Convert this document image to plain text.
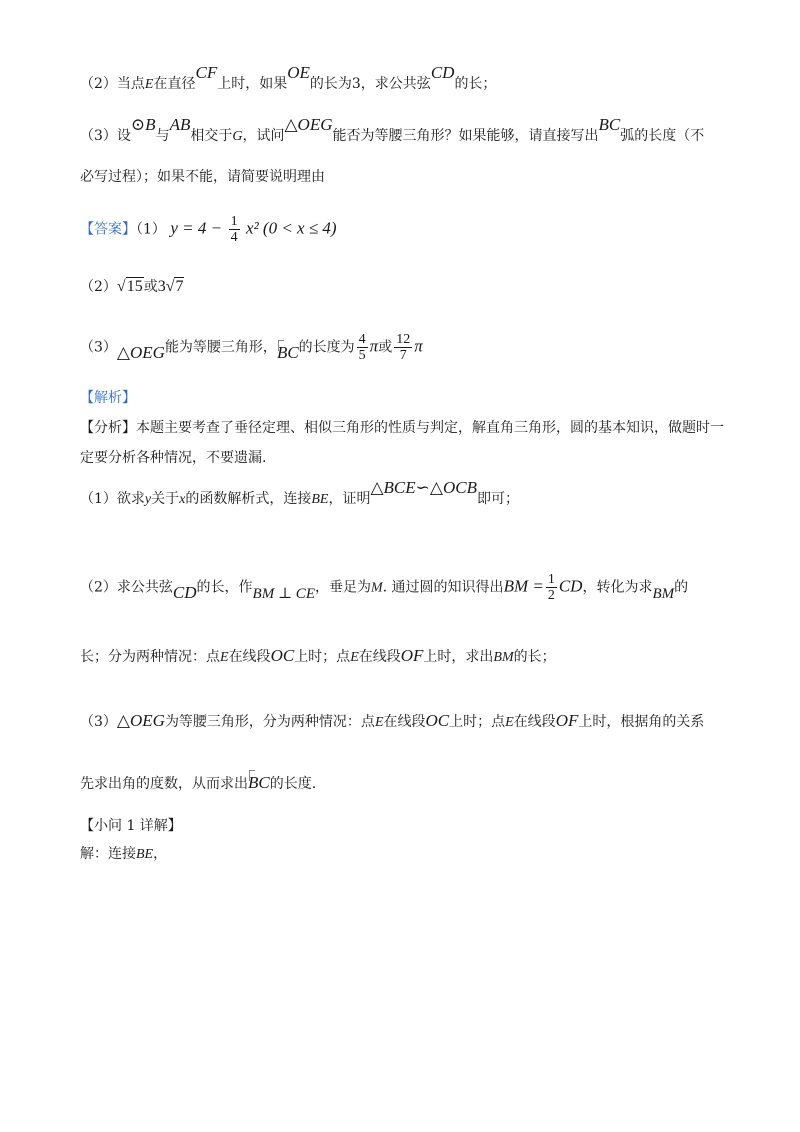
（2）当点E在直径CF上时，如果OE的长为3，求公共弦CD的长；
（3）设⊙B与AB相交于G，试问△OEG能否为等腰三角形？如果能够，请直接写出BC弧的长度（不
必写过程）；如果不能，请简要说明理由
【答案】（1） $y = 4 - \frac{1}{4} x^2$ (0 < x ≤ 4)
（2）√15或3√7
（3）△OEG能为等腰三角形，BC的长度为 $\frac{4}{5}$ π或 $\frac{12}{7}$ π
【解析】
【分析】本题主要考查了垂径定理、相似三角形的性质与判定，解直角三角形，圆的基本知识，做题时一
定要分析各种情况，不要遗漏.
（1）欲求y关于x的函数解析式，连接BE，证明△BCE∽△OCB即可；
（2）求公共弦CD的长，作BM ⊥ CE，垂足为M. 通过圆的知识得出BM = $\frac{1}{2}$ CD，转化为求BM的
长；分为两种情况：点E在线段OC上时；点E在线段OF上时，求出BM的长；
（3）△OEG为等腰三角形，分为两种情况：点E在线段OC上时；点E在线段OF上时，根据角的关系
先求出角的度数，从而求出BC的长度.
【小问 1 详解】
解：连接BE，
